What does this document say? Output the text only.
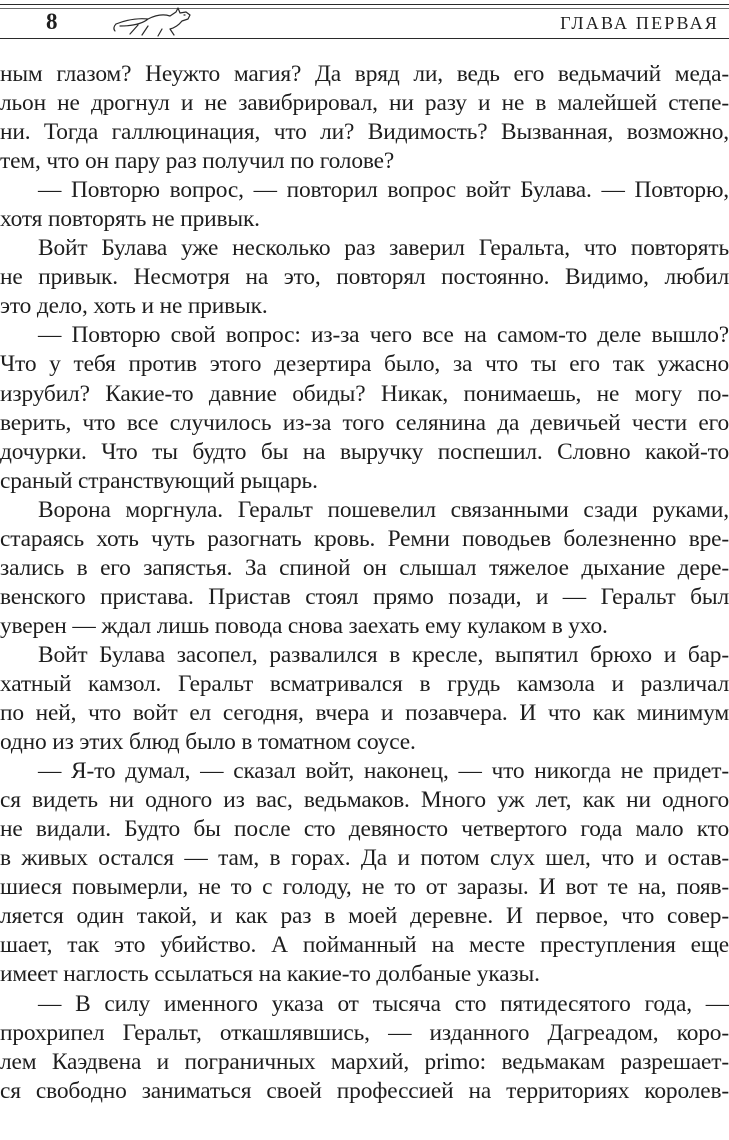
8	ГЛАВА ПЕРВАЯ
ным глазом? Неужто магия? Да вряд ли, ведь его ведьмачий меда-
льон не дрогнул и не завибрировал, ни разу и не в малейшей степе-
ни. Тогда галлюцинация, что ли? Видимость? Вызванная, возможно,
тем, что он пару раз получил по голове?
— Повторю вопрос, — повторил вопрос войт Булава. — Повторю,
хотя повторять не привык.
Войт Булава уже несколько раз заверил Геральта, что повторять
не привык. Несмотря на это, повторял постоянно. Видимо, любил
это дело, хоть и не привык.
— Повторю свой вопрос: из-за чего все на самом-то деле вышло?
Что у тебя против этого дезертира было, за что ты его так ужасно
изрубил? Какие-то давние обиды? Никак, понимаешь, не могу по-
верить, что все случилось из-за того селянина да девичьей чести его
дочурки. Что ты будто бы на выручку поспешил. Словно какой-то
сраный странствующий рыцарь.
Ворона моргнула. Геральт пошевелил связанными сзади руками,
стараясь хоть чуть разогнать кровь. Ремни поводьев болезненно вре-
зались в его запястья. За спиной он слышал тяжелое дыхание дере-
венского пристава. Пристав стоял прямо позади, и — Геральт был
уверен — ждал лишь повода снова заехать ему кулаком в ухо.
Войт Булава засопел, развалился в кресле, выпятил брюхо и бар-
хатный камзол. Геральт всматривался в грудь камзола и различал
по ней, что войт ел сегодня, вчера и позавчера. И что как минимум
одно из этих блюд было в томатном соусе.
— Я-то думал, — сказал войт, наконец, — что никогда не придет-
ся видеть ни одного из вас, ведьмаков. Много уж лет, как ни одного
не видали. Будто бы после сто девяносто четвертого года мало кто
в живых остался — там, в горах. Да и потом слух шел, что и остав-
шиеся повымерли, не то с голоду, не то от заразы. И вот те на, появ-
ляется один такой, и как раз в моей деревне. И первое, что совер-
шает, так это убийство. А пойманный на месте преступления еще
имеет наглость ссылаться на какие-то долбаные указы.
— В силу именного указа от тысяча сто пятидесятого года, —
прохрипел Геральт, откашлявшись, — изданного Дагреадом, коро-
лем Каэдвена и пограничных мархий, primo: ведьмакам разрешает-
ся свободно заниматься своей профессией на территориях королев-
